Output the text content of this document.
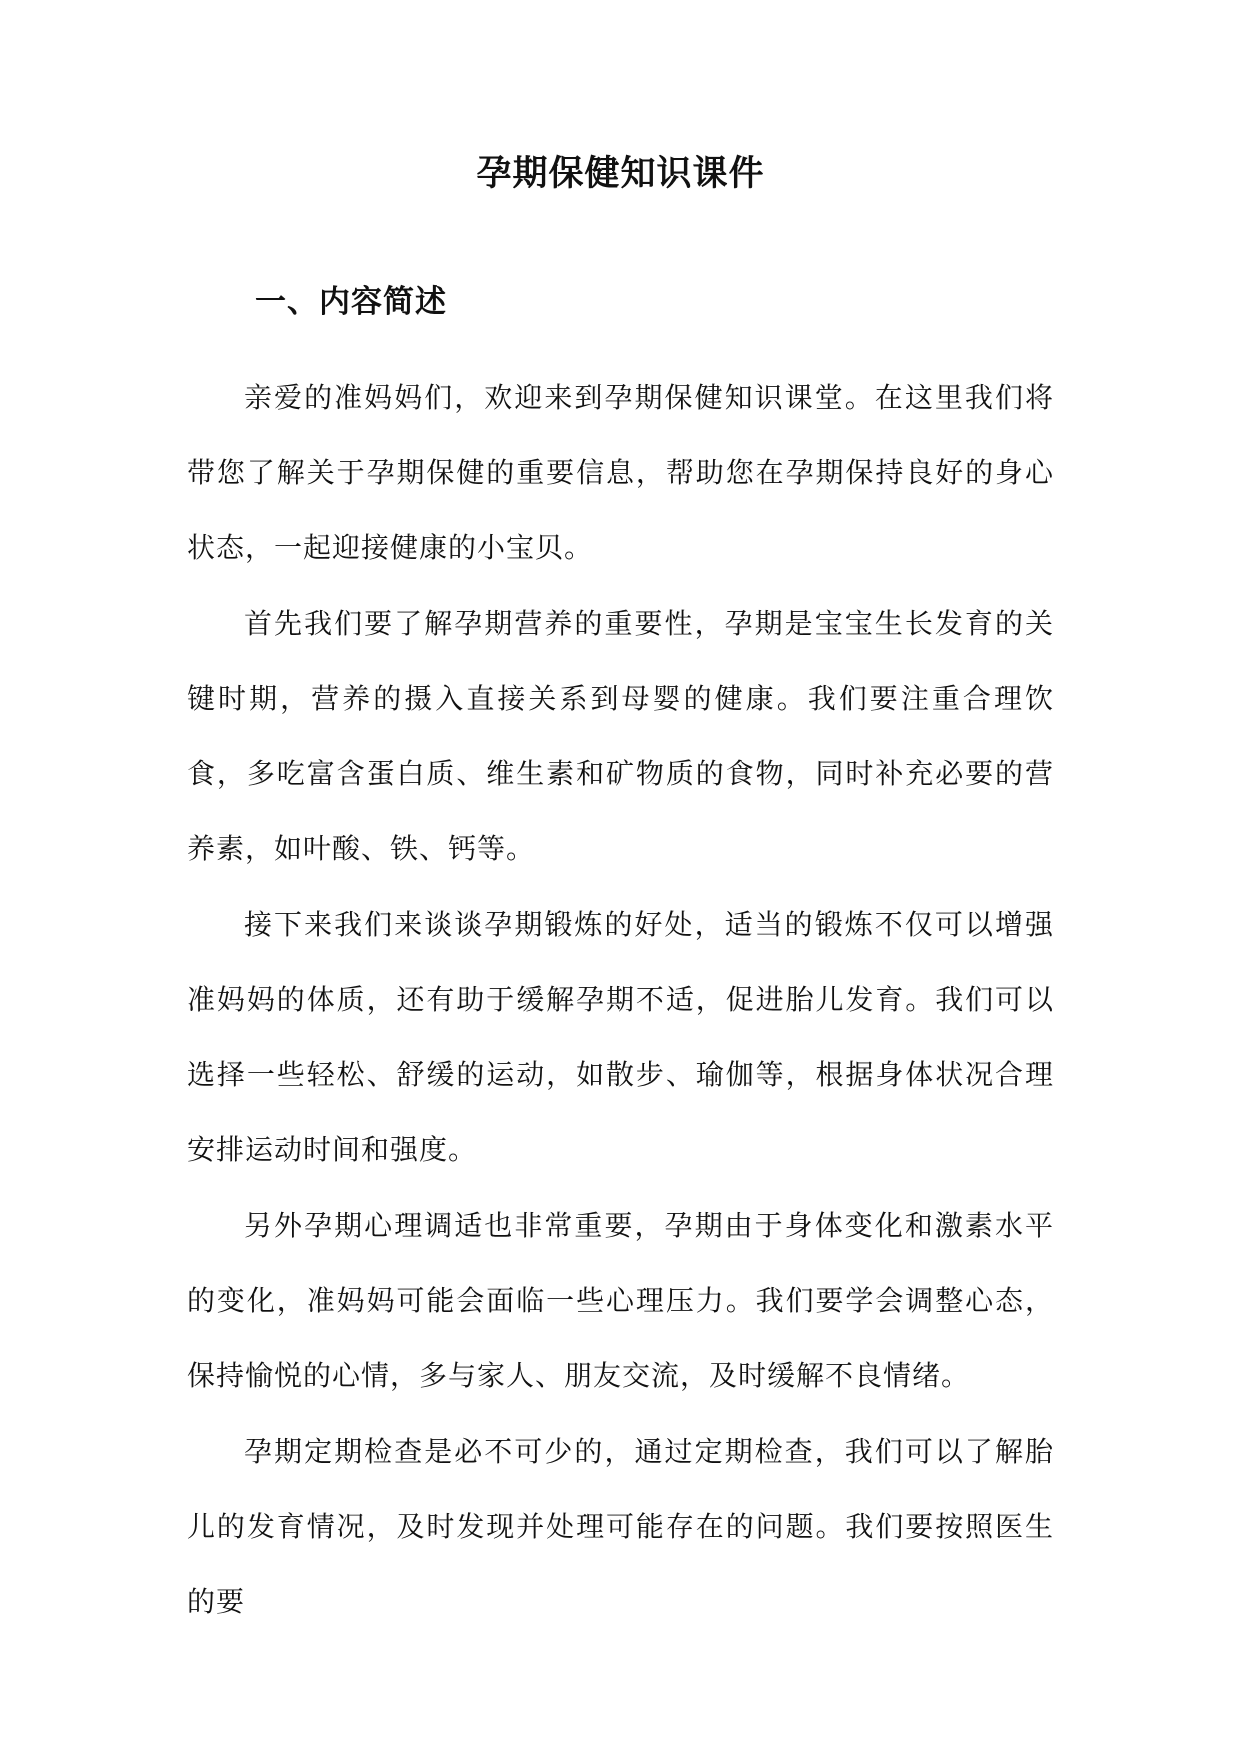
孕期保健知识课件
一、内容简述

亲爱的准妈妈们，欢迎来到孕期保健知识课堂。在这里我们将带您了解关于孕期保健的重要信息，帮助您在孕期保持良好的身心状态，一起迎接健康的小宝贝。

首先我们要了解孕期营养的重要性，孕期是宝宝生长发育的关键时期，营养的摄入直接关系到母婴的健康。我们要注重合理饮食，多吃富含蛋白质、维生素和矿物质的食物，同时补充必要的营养素，如叶酸、铁、钙等。

接下来我们来谈谈孕期锻炼的好处，适当的锻炼不仅可以增强准妈妈的体质，还有助于缓解孕期不适，促进胎儿发育。我们可以选择一些轻松、舒缓的运动，如散步、瑜伽等，根据身体状况合理安排运动时间和强度。

另外孕期心理调适也非常重要，孕期由于身体变化和激素水平的变化，准妈妈可能会面临一些心理压力。我们要学会调整心态，保持愉悦的心情，多与家人、朋友交流，及时缓解不良情绪。

孕期定期检查是必不可少的，通过定期检查，我们可以了解胎儿的发育情况，及时发现并处理可能存在的问题。我们要按照医生的要
